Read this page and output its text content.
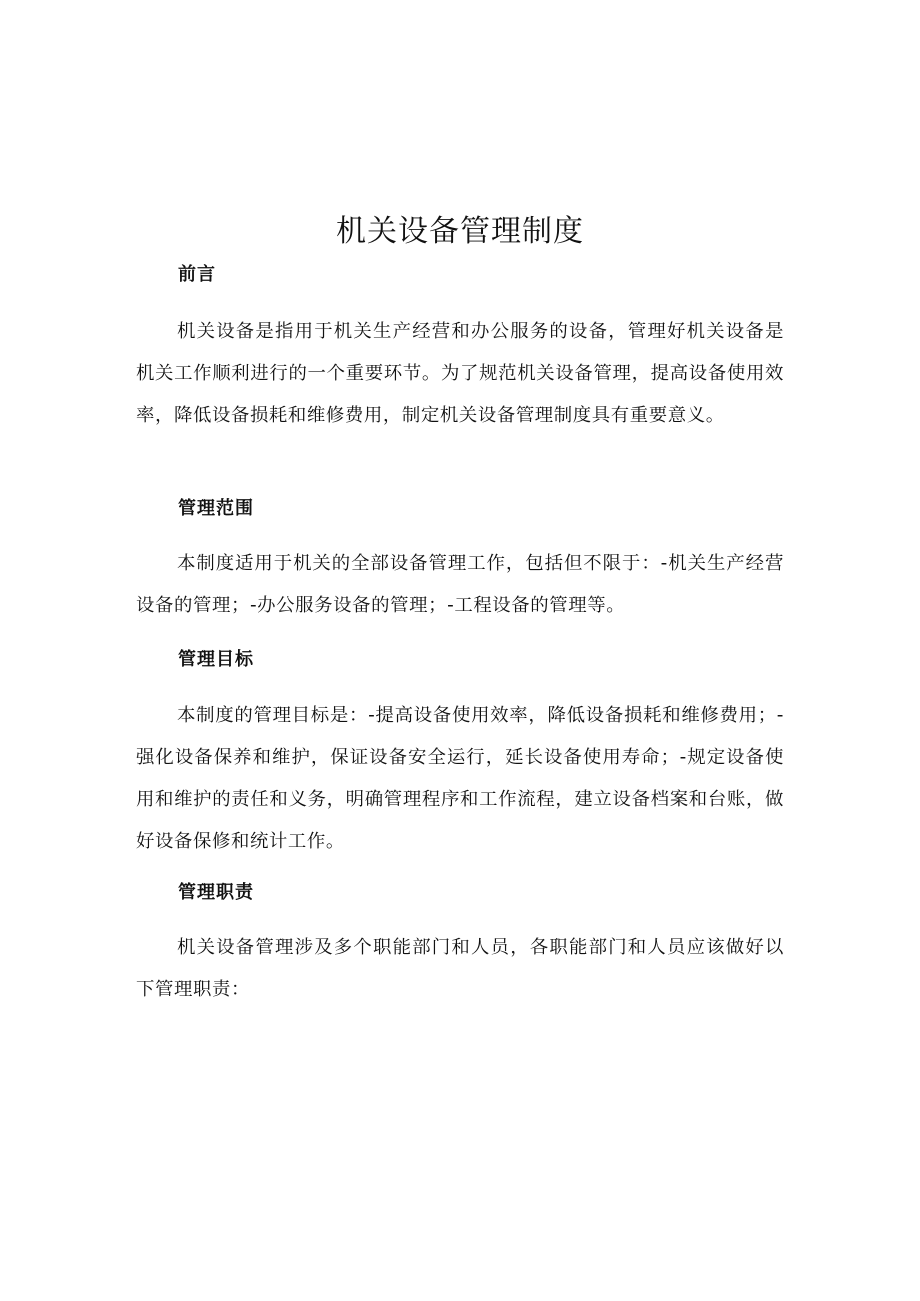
机关设备管理制度
前言

机关设备是指用于机关生产经营和办公服务的设备，管理好机关设备是机关工作顺利进行的一个重要环节。为了规范机关设备管理，提高设备使用效率，降低设备损耗和维修费用，制定机关设备管理制度具有重要意义。

管理范围

本制度适用于机关的全部设备管理工作，包括但不限于：-机关生产经营设备的管理；-办公服务设备的管理；-工程设备的管理等。

管理目标

本制度的管理目标是：-提高设备使用效率，降低设备损耗和维修费用；-强化设备保养和维护，保证设备安全运行，延长设备使用寿命；-规定设备使用和维护的责任和义务，明确管理程序和工作流程，建立设备档案和台账，做好设备保修和统计工作。

管理职责

机关设备管理涉及多个职能部门和人员，各职能部门和人员应该做好以下管理职责：
